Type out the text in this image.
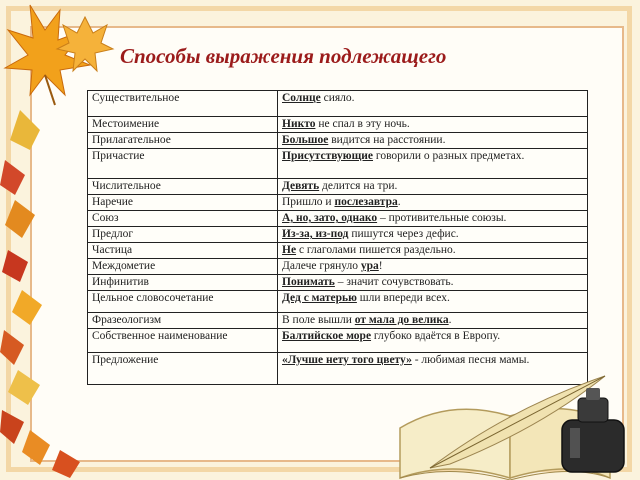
Способы выражения подлежащего
Существительное	Солнце сияло.
Местоимение	Никто не спал в эту ночь.
Прилагательное	Большое видится на расстоянии.
Причастие	Присутствующие говорили о разных предметах.
Числительное	Девять делится на три.
Наречие	Пришло и послезавтра.
Союз	А, но, зато, однако – противительные союзы.
Предлог	Из-за, из-под пишутся через дефис.
Частица	Не с глаголами пишется раздельно.
Междометие	Далече грянуло ура!
Инфинитив	Понимать – значит сочувствовать.
Цельное словосочетание	Дед с матерью шли впереди всех.
Фразеологизм	В поле вышли от мала до велика.
Собственное наименование	Балтийское море глубоко вдаётся в Европу.
Предложение	«Лучше нету того цвету» - любимая песня мамы.
